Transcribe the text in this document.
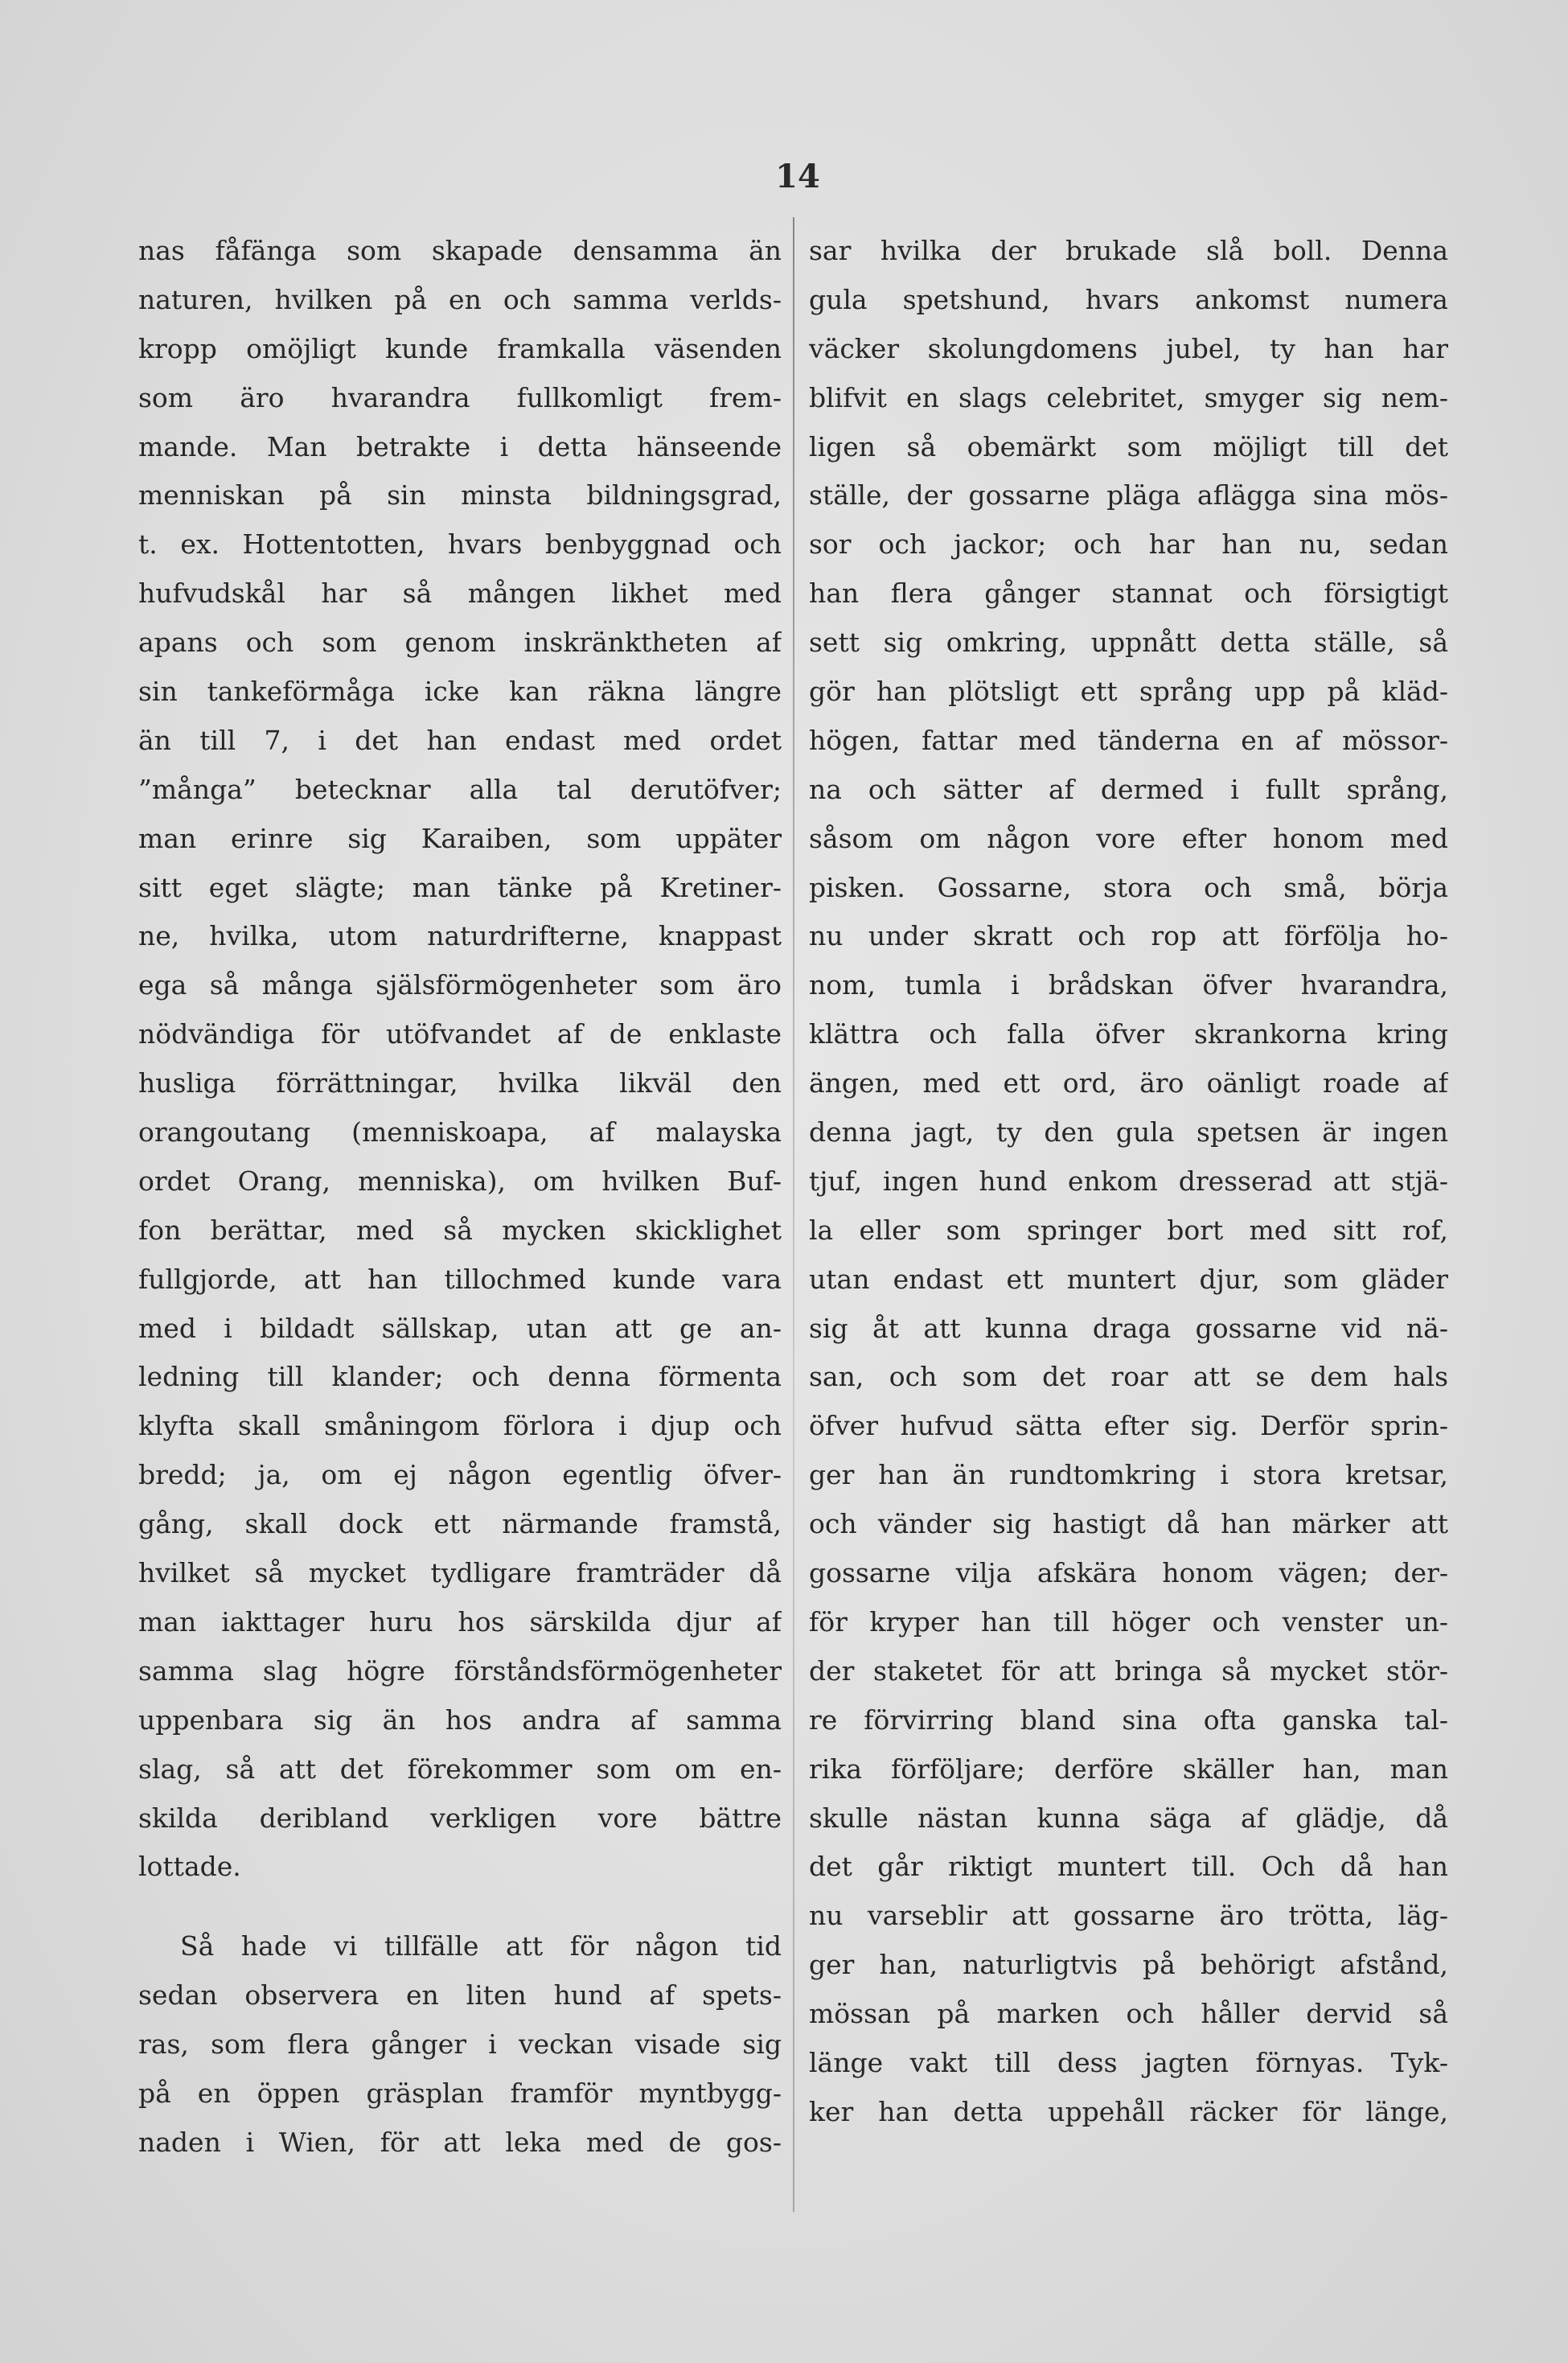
14
nas fåfänga som skapade densamma än
naturen, hvilken på en och samma verlds-
kropp omöjligt kunde framkalla väsenden
som äro hvarandra fullkomligt frem-
mande. Man betrakte i detta hänseende
menniskan på sin minsta bildningsgrad,
t. ex. Hottentotten, hvars benbyggnad och
hufvudskål har så mången likhet med
apans och som genom inskränktheten af
sin tankeförmåga icke kan räkna längre
än till 7, i det han endast med ordet
”många” betecknar alla tal derutöfver;
man erinre sig Karaiben, som uppäter
sitt eget slägte; man tänke på Kretiner-
ne, hvilka, utom naturdrifterne, knappast
ega så många själsförmögenheter som äro
nödvändiga för utöfvandet af de enklaste
husliga förrättningar, hvilka likväl den
orangoutang (menniskoapa, af malayska
ordet Orang, menniska), om hvilken Buf-
fon berättar, med så mycken skicklighet
fullgjorde, att han tillochmed kunde vara
med i bildadt sällskap, utan att ge an-
ledning till klander; och denna förmenta
klyfta skall småningom förlora i djup och
bredd; ja, om ej någon egentlig öfver-
gång, skall dock ett närmande framstå,
hvilket så mycket tydligare framträder då
man iakttager huru hos särskilda djur af
samma slag högre förståndsförmögenheter
uppenbara sig än hos andra af samma
slag, så att det förekommer som om en-
skilda deribland verkligen vore bättre
lottade.
Så hade vi tillfälle att för någon tid
sedan observera en liten hund af spets-
ras, som flera gånger i veckan visade sig
på en öppen gräsplan framför myntbygg-
naden i Wien, för att leka med de gos-
sar hvilka der brukade slå boll. Denna
gula spetshund, hvars ankomst numera
väcker skolungdomens jubel, ty han har
blifvit en slags celebritet, smyger sig nem-
ligen så obemärkt som möjligt till det
ställe, der gossarne pläga aflägga sina mös-
sor och jackor; och har han nu, sedan
han flera gånger stannat och försigtigt
sett sig omkring, uppnått detta ställe, så
gör han plötsligt ett språng upp på kläd-
högen, fattar med tänderna en af mössor-
na och sätter af dermed i fullt språng,
såsom om någon vore efter honom med
pisken. Gossarne, stora och små, börja
nu under skratt och rop att förfölja ho-
nom, tumla i brådskan öfver hvarandra,
klättra och falla öfver skrankorna kring
ängen, med ett ord, äro oänligt roade af
denna jagt, ty den gula spetsen är ingen
tjuf, ingen hund enkom dresserad att stjä-
la eller som springer bort med sitt rof,
utan endast ett muntert djur, som gläder
sig åt att kunna draga gossarne vid nä-
san, och som det roar att se dem hals
öfver hufvud sätta efter sig. Derför sprin-
ger han än rundtomkring i stora kretsar,
och vänder sig hastigt då han märker att
gossarne vilja afskära honom vägen; der-
för kryper han till höger och venster un-
der staketet för att bringa så mycket stör-
re förvirring bland sina ofta ganska tal-
rika förföljare; derföre skäller han, man
skulle nästan kunna säga af glädje, då
det går riktigt muntert till. Och då han
nu varseblir att gossarne äro trötta, läg-
ger han, naturligtvis på behörigt afstånd,
mössan på marken och håller dervid så
länge vakt till dess jagten förnyas. Tyk-
ker han detta uppehåll räcker för länge,
